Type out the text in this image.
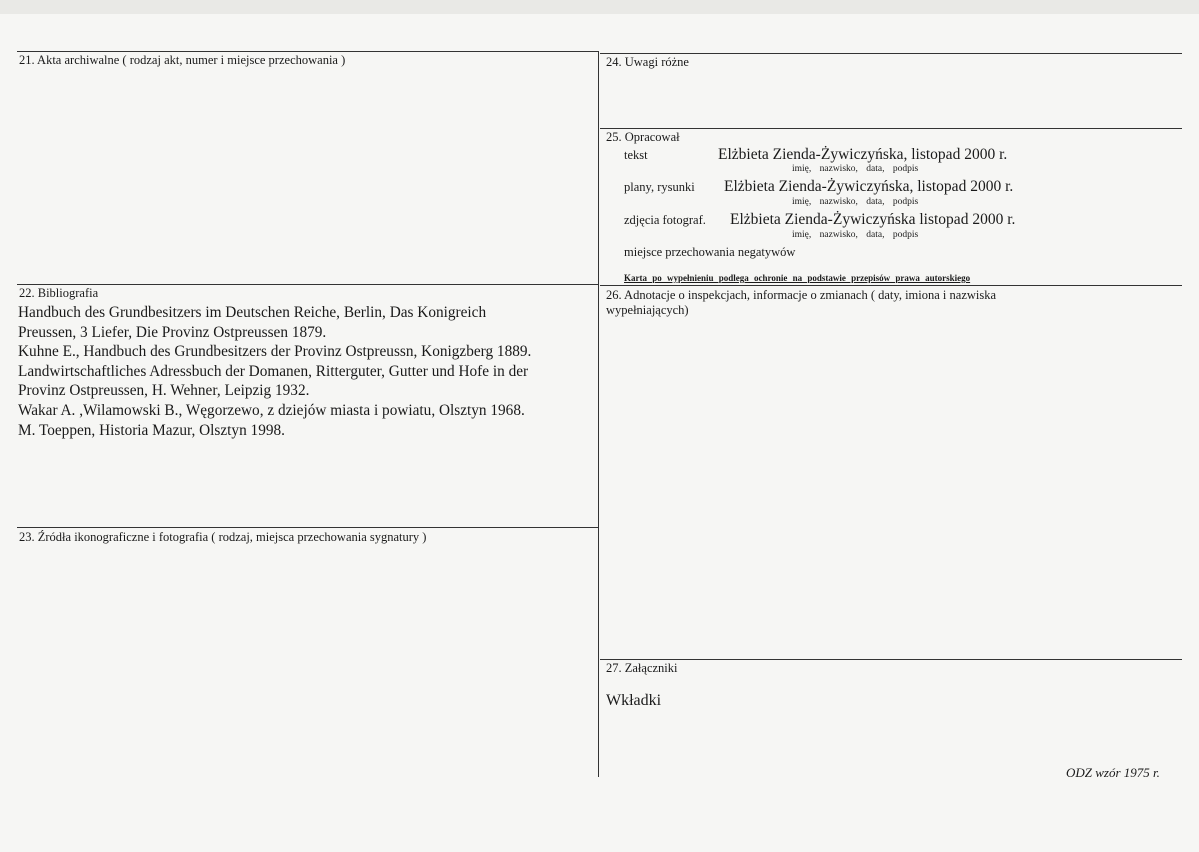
21. Akta archiwalne ( rodzaj akt, numer i miejsce przechowania )
22. Bibliografia
Handbuch des Grundbesitzers im Deutschen Reiche, Berlin, Das Konigreich
Preussen, 3 Liefer, Die Provinz Ostpreussen 1879.
Kuhne E., Handbuch des Grundbesitzers der Provinz Ostpreussn, Konigzberg 1889.
Landwirtschaftliches Adressbuch der Domanen, Ritterguter, Gutter und Hofe in der
Provinz Ostpreussen, H. Wehner, Leipzig 1932.
Wakar A. ,Wilamowski B., Węgorzewo, z dziejów miasta i powiatu, Olsztyn 1968.
M. Toeppen, Historia Mazur, Olsztyn 1998.
23. Źródła ikonograficzne i fotografia ( rodzaj, miejsca przechowania sygnatury )
24. Uwagi różne
25. Opracował
tekst	Elżbieta Zienda-Żywiczyńska, listopad 2000 r.
imię, nazwisko, data, podpis
plany, rysunki Elżbieta Zienda-Żywiczyńska, listopad 2000 r.
imię, nazwisko, data, podpis
zdjęcia fotograf. Elżbieta Zienda-Żywiczyńska listopad 2000 r.
imię, nazwisko, data, podpis
miejsce przechowania negatywów
Karta po wypełnieniu podlega ochronie na podstawie przepisów prawa autorskiego
26. Adnotacje o inspekcjach, informacje o zmianach ( daty, imiona i nazwiska
wypełniających)
27. Załączniki
Wkładki
ODZ wzór 1975 r.
